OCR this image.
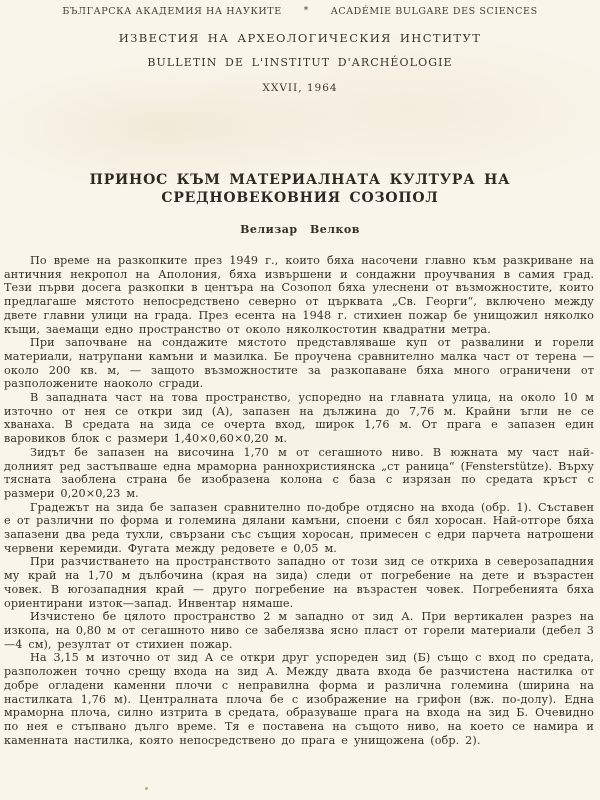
БЪЛГАРСКА АКАДЕМИЯ НА НАУКИТЕ * ACADÉMIE BULGARE DES SCIENCES
ИЗВЕСТИЯ НА АРХЕОЛОГИЧЕСКИЯ ИНСТИТУТ
BULLETIN DE L'INSTITUT D'ARCHÉOLOGIE
XXVII, 1964
ПРИНОС КЪМ МАТЕРИАЛНАТА КУЛТУРА НА СРЕДНОВЕКОВНИЯ СОЗОПОЛ
Велизар Велков

По време на разкопките през 1949 г., които бяха насочени главно към разкриване на античния некропол на Аполония, бяха извършени и сондажни проучвания в самия град. Тези първи досега разкопки в центъра на Созопол бяха улеснени от възможностите, които предлагаше мястото непосредствено северно от църквата „Св. Георги“, включено между двете главни улици на града. През есента на 1948 г. стихиен пожар бе унищожил няколко къщи, заемащи едно пространство от около няколкостотин квадратни метра.

При започване на сондажите мястото представляваше куп от развалини и горели материали, натрупани камъни и мазилка. Бе проучена сравнително малка част от терена — около 200 кв. м, — защото възможностите за разкопаване бяха много ограничени от разположените наоколо сгради.

В западната част на това пространство, успоредно на главната улица, на около 10 м източно от нея се откри зид (А), запазен на дължина до 7,76 м. Крайни ъгли не се хванаха. В средата на зида се очерта вход, широк 1,76 м. От прага е запазен един варовиков блок с размери 1,40×0,60×0,20 м.

Зидът бе запазен на височина 1,70 м от сегашното ниво. В южната му част най-долният ред застъпваше една мраморна раннохристиянска „ст раница“ (Fensterstütze). Върху тясната заоблена страна бе изобразена колона с база с изрязан по средата кръст с размери 0,20×0,23 м.

Градежът на зида бе запазен сравнително по-добре отдясно на входа (обр. 1). Съставен е от различни по форма и големина дялани камъни, споени с бял хоросан. Най-отгоре бяха запазени два реда тухли, свързани със същия хоросан, примесен с едри парчета натрошени червени керемиди. Фугата между редовете е 0,05 м.

При разчистването на пространството западно от този зид се откриха в северозападния му край на 1,70 м дълбочина (края на зида) следи от погребение на дете и възрастен човек. В югозападния край — друго погребение на възрастен човек. Погребенията бяха ориентирани изток—запад. Инвентар нямаше.

Изчистено бе цялото пространство 2 м западно от зид А. При вертикален разрез на изкопа, на 0,80 м от сегашното ниво се забелязва ясно пласт от горели материали (дебел 3—4 см), резултат от стихиен пожар.

На 3,15 м източно от зид А се откри друг успореден зид (Б) също с вход по средата, разположен точно срещу входа на зид А. Между двата входа бе разчистена настилка от добре огладени каменни плочи с неправилна форма и различна големина (ширина на настилката 1,76 м). Централната плоча бе с изображение на грифон (вж. по-долу). Една мраморна плоча, силно изтрита в средата, образуваше прага на входа на зид Б. Очевидно по нея е стъпвано дълго време. Тя е поставена на същото ниво, на което се намира и каменната настилка, която непосредствено до прага е унищожена (обр. 2).
